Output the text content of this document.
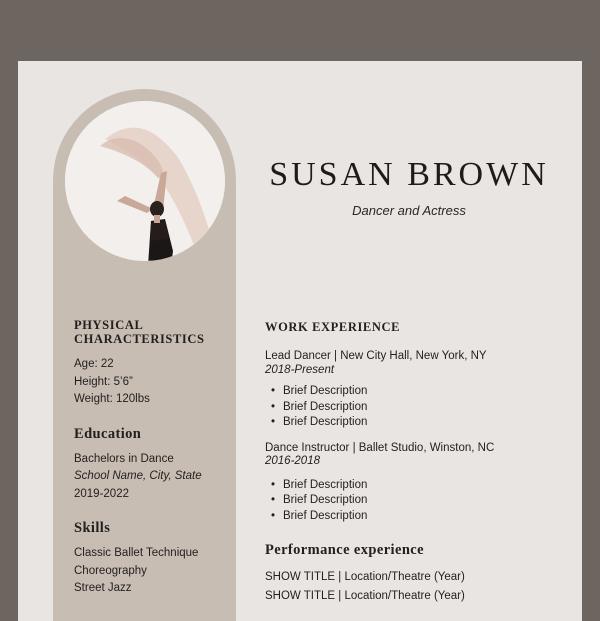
SUSAN BROWN
Dancer and Actress
PHYSICAL
CHARACTERISTICS
Age: 22
Height: 5’6”
Weight: 120lbs
Education
Bachelors in Dance
School Name, City, State
2019-2022
Skills
Classic Ballet Technique
Choreography
Street Jazz
WORK EXPERIENCE
Lead Dancer | New City Hall, New York, NY
2018-Present
• Brief Description
• Brief Description
• Brief Description
Dance Instructor | Ballet Studio, Winston, NC
2016-2018
• Brief Description
• Brief Description
• Brief Description
Performance experience
SHOW TITLE | Location/Theatre (Year)
SHOW TITLE | Location/Theatre (Year)
